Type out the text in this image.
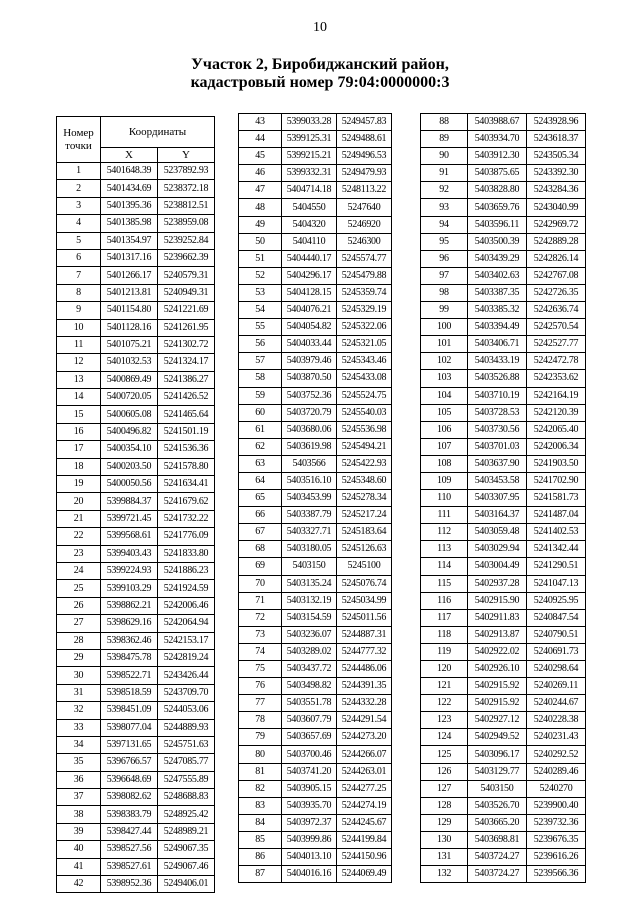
10
Участок 2, Биробиджанский район,
кадастровый номер 79:04:0000000:3
Номер точки	Координаты	
	X	Y
1	5401648.39	5237892.93
2	5401434.69	5238372.18
3	5401395.36	5238812.51
4	5401385.98	5238959.08
5	5401354.97	5239252.84
6	5401317.16	5239662.39
7	5401266.17	5240579.31
8	5401213.81	5240949.31
9	5401154.80	5241221.69
10	5401128.16	5241261.95
11	5401075.21	5241302.72
12	5401032.53	5241324.17
13	5400869.49	5241386.27
14	5400720.05	5241426.52
15	5400605.08	5241465.64
16	5400496.82	5241501.19
17	5400354.10	5241536.36
18	5400203.50	5241578.80
19	5400050.56	5241634.41
20	5399884.37	5241679.62
21	5399721.45	5241732.22
22	5399568.61	5241776.09
23	5399403.43	5241833.80
24	5399224.93	5241886.23
25	5399103.29	5241924.59
26	5398862.21	5242006.46
27	5398629.16	5242064.94
28	5398362.46	5242153.17
29	5398475.78	5242819.24
30	5398522.71	5243426.44
31	5398518.59	5243709.70
32	5398451.09	5244053.06
33	5398077.04	5244889.93
34	5397131.65	5245751.63
35	5396766.57	5247085.77
36	5396648.69	5247555.89
37	5398082.62	5248688.83
38	5398383.79	5248925.42
39	5398427.44	5248989.21
40	5398527.56	5249067.35
41	5398527.61	5249067.46
42	5398952.36	5249406.01
43	5399033.28	5249457.83
44	5399125.31	5249488.61
45	5399215.21	5249496.53
46	5399332.31	5249479.93
47	5404714.18	5248113.22
48	5404550	5247640
49	5404320	5246920
50	5404110	5246300
51	5404440.17	5245574.77
52	5404296.17	5245479.88
53	5404128.15	5245359.74
54	5404076.21	5245329.19
55	5404054.82	5245322.06
56	5404033.44	5245321.05
57	5403979.46	5245343.46
58	5403870.50	5245433.08
59	5403752.36	5245524.75
60	5403720.79	5245540.03
61	5403680.06	5245536.98
62	5403619.98	5245494.21
63	5403566	5245422.93
64	5403516.10	5245348.60
65	5403453.99	5245278.34
66	5403387.79	5245217.24
67	5403327.71	5245183.64
68	5403180.05	5245126.63
69	5403150	5245100
70	5403135.24	5245076.74
71	5403132.19	5245034.99
72	5403154.59	5245011.56
73	5403236.07	5244887.31
74	5403289.02	5244777.32
75	5403437.72	5244486.06
76	5403498.82	5244391.35
77	5403551.78	5244332.28
78	5403607.79	5244291.54
79	5403657.69	5244273.20
80	5403700.46	5244266.07
81	5403741.20	5244263.01
82	5403905.15	5244277.25
83	5403935.70	5244274.19
84	5403972.37	5244245.67
85	5403999.86	5244199.84
86	5404013.10	5244150.96
87	5404016.16	5244069.49
88	5403988.67	5243928.96
89	5403934.70	5243618.37
90	5403912.30	5243505.34
91	5403875.65	5243392.30
92	5403828.80	5243284.36
93	5403659.76	5243040.99
94	5403596.11	5242969.72
95	5403500.39	5242889.28
96	5403439.29	5242826.14
97	5403402.63	5242767.08
98	5403387.35	5242726.35
99	5403385.32	5242636.74
100	5403394.49	5242570.54
101	5403406.71	5242527.77
102	5403433.19	5242472.78
103	5403526.88	5242353.62
104	5403710.19	5242164.19
105	5403728.53	5242120.39
106	5403730.56	5242065.40
107	5403701.03	5242006.34
108	5403637.90	5241903.50
109	5403453.58	5241702.90
110	5403307.95	5241581.73
111	5403164.37	5241487.04
112	5403059.48	5241402.53
113	5403029.94	5241342.44
114	5403004.49	5241290.51
115	5402937.28	5241047.13
116	5402915.90	5240925.95
117	5402911.83	5240847.54
118	5402913.87	5240790.51
119	5402922.02	5240691.73
120	5402926.10	5240298.64
121	5402915.92	5240269.11
122	5402915.92	5240244.67
123	5402927.12	5240228.38
124	5402949.52	5240231.43
125	5403096.17	5240292.52
126	5403129.77	5240289.46
127	5403150	5240270
128	5403526.70	5239900.40
129	5403665.20	5239732.36
130	5403698.81	5239676.35
131	5403724.27	5239616.26
132	5403724.27	5239566.36
